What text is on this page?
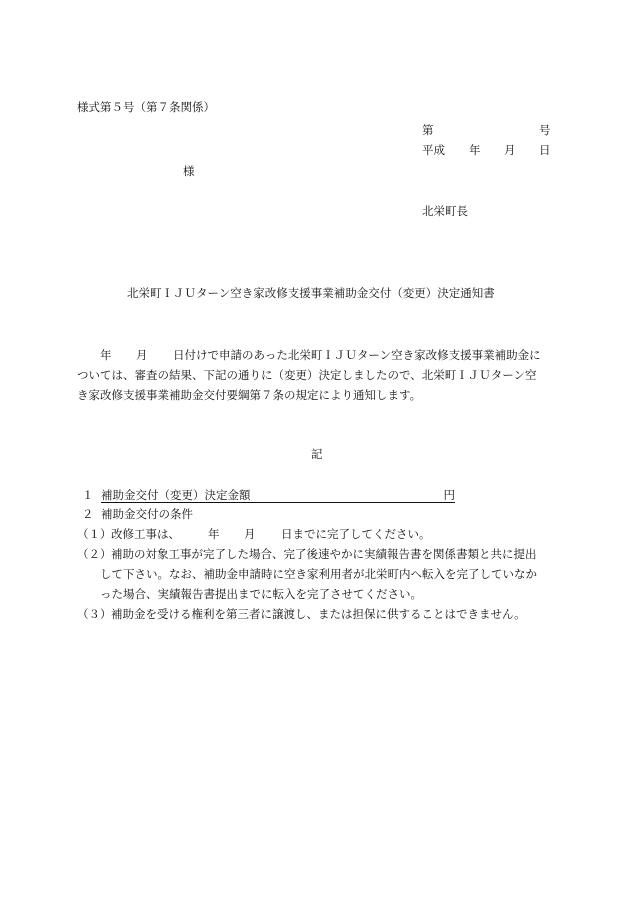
様式第５号（第７条関係）
第	号
平成 年 月 日
様
北栄町長
北栄町ＩＪＵターン空き家改修支援事業補助金交付（変更）決定通知書
年 月 日付けで申請のあった北栄町ＩＪＵターン空き家改修支援事業補助金に
ついては、審査の結果、下記の通りに（変更）決定しましたので、北栄町ＩＪＵターン空
き家改修支援事業補助金交付要綱第７条の規定により通知します。
記
１ 補助金交付（変更）決定金額	円
２ 補助金交付の条件
（１） 改修工事は、 年 月 日までに完了してください。
（２） 補助の対象工事が完了した場合、完了後速やかに実績報告書を関係書類と共に提出
して下さい。なお、補助金申請時に空き家利用者が北栄町内へ転入を完了していなか
った場合、実績報告書提出までに転入を完了させてください。
（３） 補助金を受ける権利を第三者に譲渡し、または担保に供することはできません。
